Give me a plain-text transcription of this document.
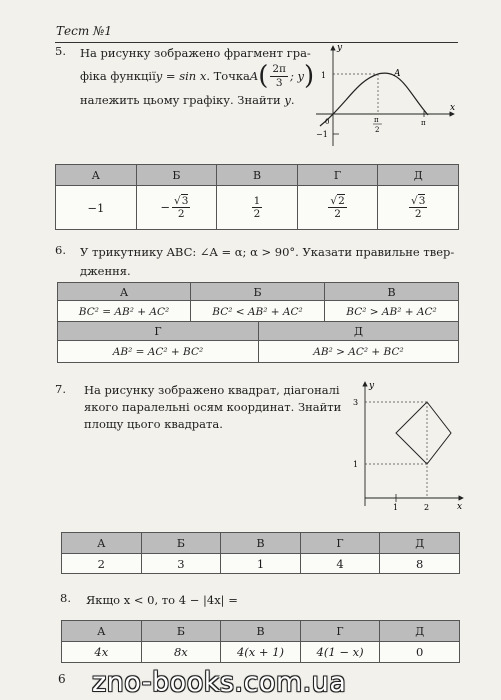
Тест №1
5. На рисунку зображено фрагмент гра-
фіка функції y = sin x . Точка A ( $\frac{2\pi}{3}$ ; y )
належить цьому графіку. Знайти y.
y
x
1
−1
π
2
π
A
0
А	Б	В	Г	Д
−1	− $\frac{√3}{2}$	$\frac{1}{2}$	$\frac{√2}{2}$	$\frac{√3}{2}$
6. У трикутнику ABC: ∠A = α; α > 90°. Указати правильне твер-
дження.
А	Б	В
BC² = AB² + AC²	BC² < AB² + AC²	BC² > AB² + AC²
Г	Д
AB² = AC² + BC²	AB² > AC² + BC²
7. На рисунку зображено квадрат, діагоналі
якого паралельні осям координат. Знайти
площу цього квадрата.
y
x
3
1
1	2
А	Б	В	Г	Д
2	3	1	4	8
8. Якщо x < 0, то 4 − |4x| =
А	Б	В	Г	Д
4x	8x	4(x + 1)	4(1 − x)	0
6 zno-books.com.ua
